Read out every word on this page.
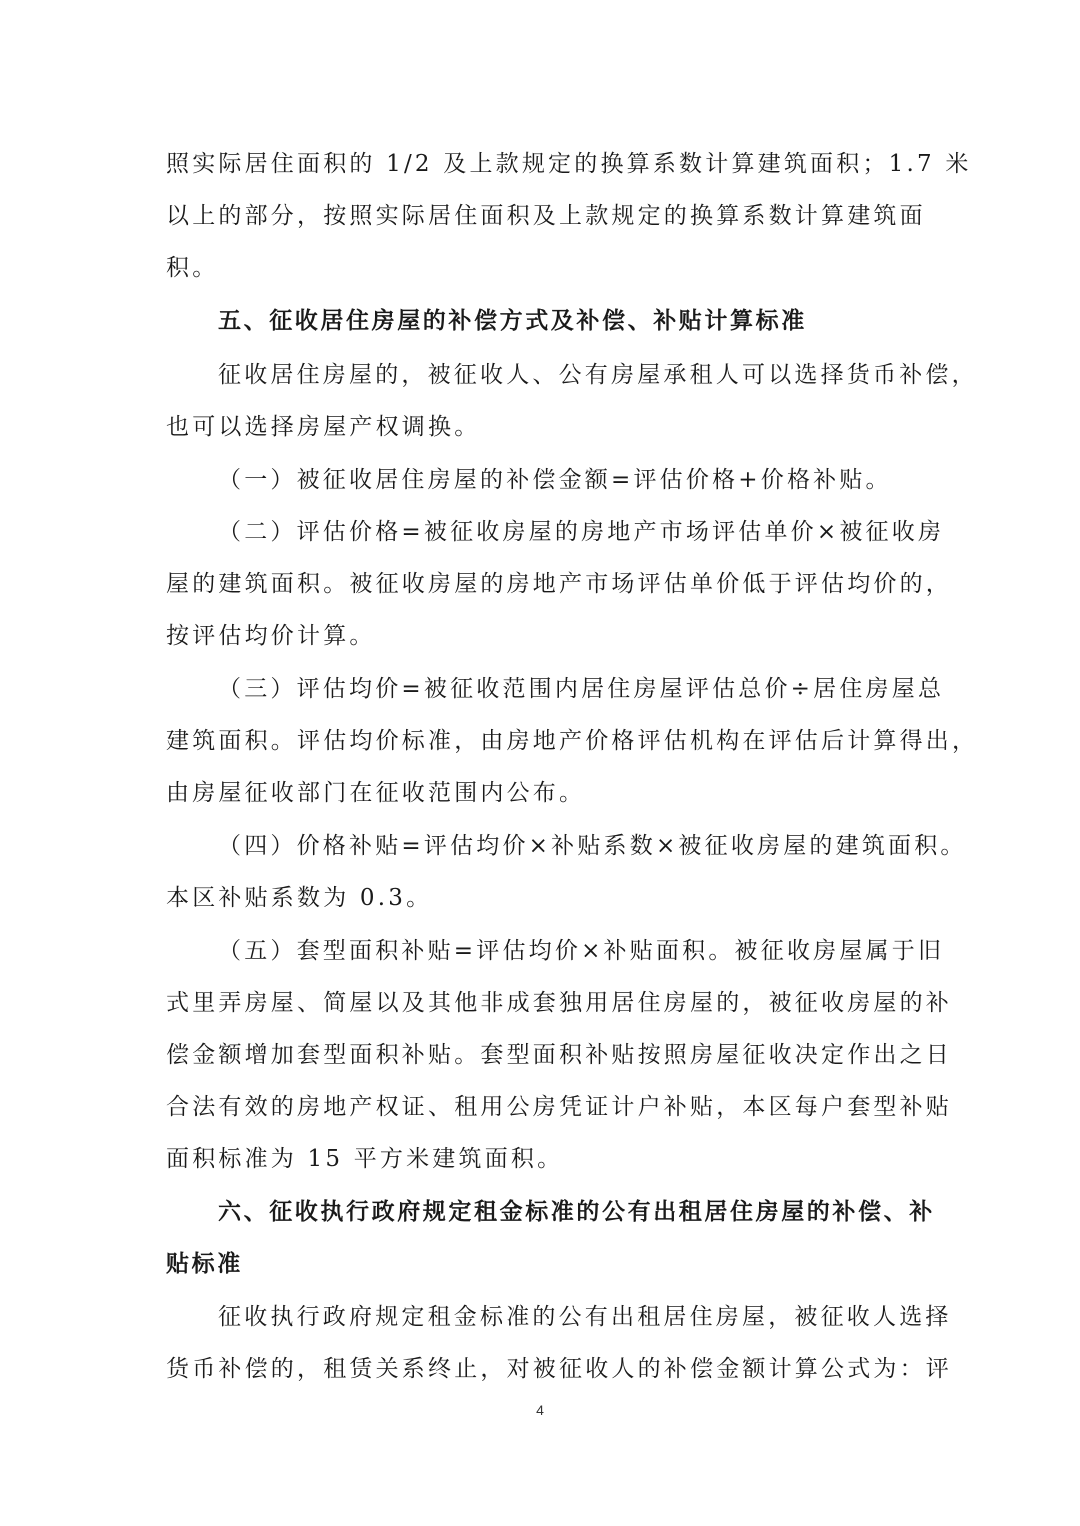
照实际居住面积的 1/2 及上款规定的换算系数计算建筑面积；1.7 米
以上的部分，按照实际居住面积及上款规定的换算系数计算建筑面
积。
五、征收居住房屋的补偿方式及补偿、补贴计算标准
征收居住房屋的，被征收人、公有房屋承租人可以选择货币补偿，
也可以选择房屋产权调换。
（一）被征收居住房屋的补偿金额=评估价格+价格补贴。
（二）评估价格=被征收房屋的房地产市场评估单价×被征收房
屋的建筑面积。被征收房屋的房地产市场评估单价低于评估均价的，
按评估均价计算。
（三）评估均价=被征收范围内居住房屋评估总价÷居住房屋总
建筑面积。评估均价标准，由房地产价格评估机构在评估后计算得出，
由房屋征收部门在征收范围内公布。
（四）价格补贴=评估均价×补贴系数×被征收房屋的建筑面积。
本区补贴系数为 0.3。
（五）套型面积补贴=评估均价×补贴面积。被征收房屋属于旧
式里弄房屋、简屋以及其他非成套独用居住房屋的，被征收房屋的补
偿金额增加套型面积补贴。套型面积补贴按照房屋征收决定作出之日
合法有效的房地产权证、租用公房凭证计户补贴，本区每户套型补贴
面积标准为 15 平方米建筑面积。
六、征收执行政府规定租金标准的公有出租居住房屋的补偿、补
贴标准
征收执行政府规定租金标准的公有出租居住房屋，被征收人选择
货币补偿的，租赁关系终止，对被征收人的补偿金额计算公式为：评
4
